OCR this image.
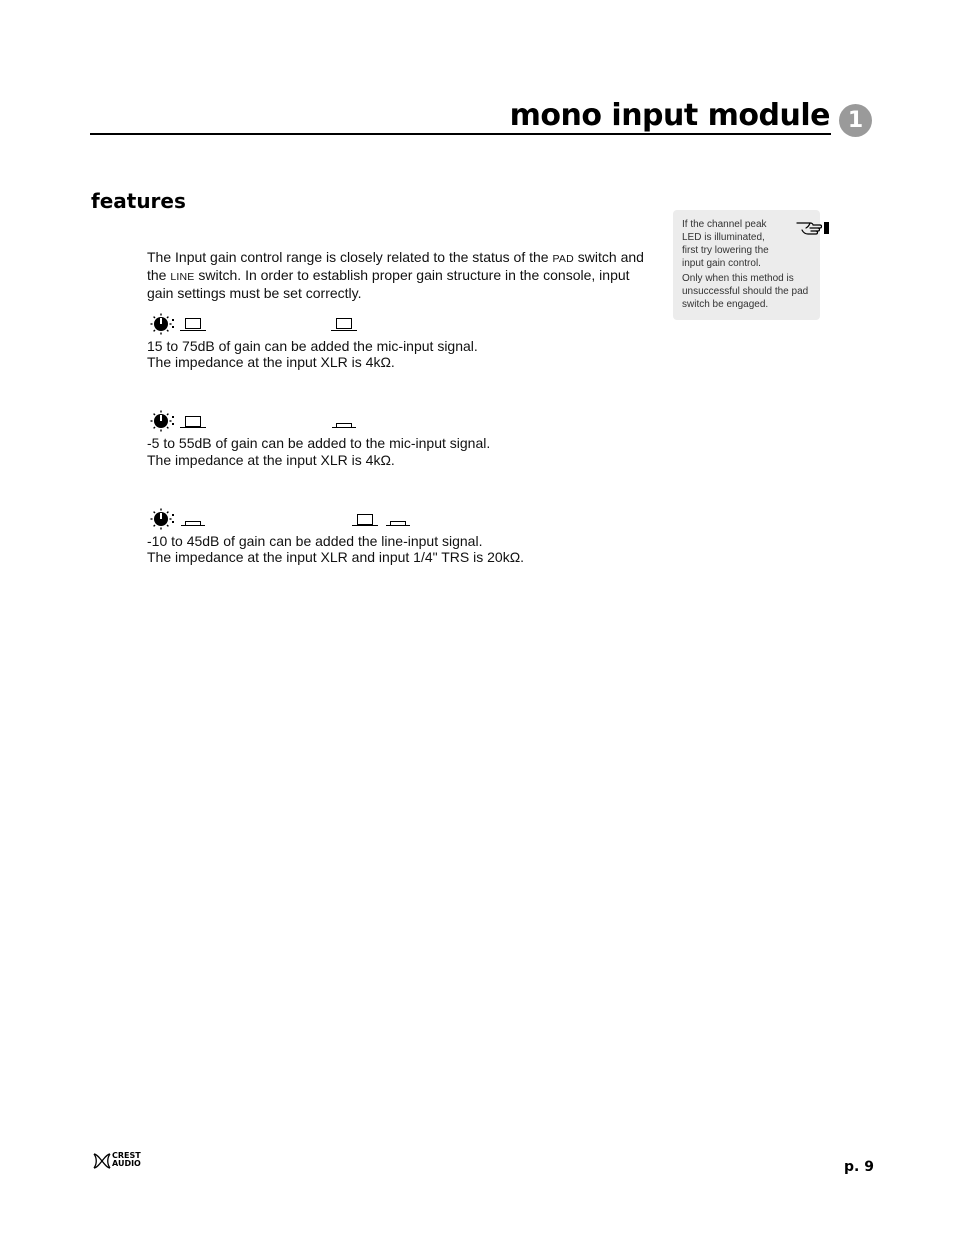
mono input module 1
features
The Input gain control range is closely related to the status of the PAD switch and the LINE switch. In order to establish proper gain structure in the console, input gain settings must be set correctly.
15 to 75dB of gain can be added the mic-input signal.
The impedance at the input XLR is 4kΩ.
-5 to 55dB of gain can be added to the mic-input signal.
The impedance at the input XLR is 4kΩ.
-10 to 45dB of gain can be added the line-input signal.
The impedance at the input XLR and input 1/4" TRS is 20kΩ.

If the channel peak LED is illuminated, first try lowering the input gain control.

Only when this method is unsuccessful should the pad switch be engaged.

CREST
AUDIO	p. 9
